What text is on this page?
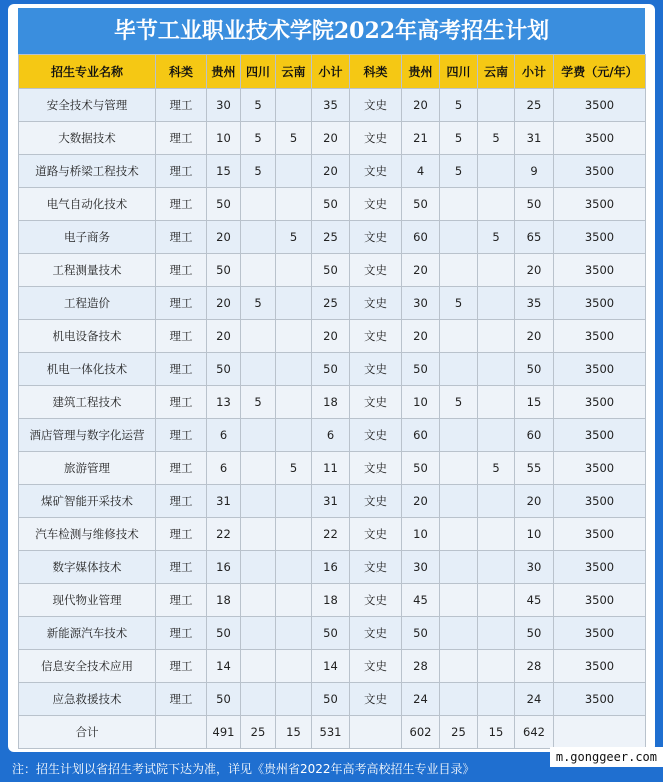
毕节工业职业技术学院2022年高考招生计划
招生专业名称	科类	贵州	四川	云南	小计	科类	贵州	四川	云南	小计	学费（元/年）
安全技术与管理	理工	30	5		35	文史	20	5		25	3500
大数据技术	理工	10	5	5	20	文史	21	5	5	31	3500
道路与桥梁工程技术	理工	15	5		20	文史	4	5		9	3500
电气自动化技术	理工	50			50	文史	50			50	3500
电子商务	理工	20		5	25	文史	60		5	65	3500
工程测量技术	理工	50			50	文史	20			20	3500
工程造价	理工	20	5		25	文史	30	5		35	3500
机电设备技术	理工	20			20	文史	20			20	3500
机电一体化技术	理工	50			50	文史	50			50	3500
建筑工程技术	理工	13	5		18	文史	10	5		15	3500
酒店管理与数字化运营	理工	6			6	文史	60			60	3500
旅游管理	理工	6		5	11	文史	50		5	55	3500
煤矿智能开采技术	理工	31			31	文史	20			20	3500
汽车检测与维修技术	理工	22			22	文史	10			10	3500
数字媒体技术	理工	16			16	文史	30			30	3500
现代物业管理	理工	18			18	文史	45			45	3500
新能源汽车技术	理工	50			50	文史	50			50	3500
信息安全技术应用	理工	14			14	文史	28			28	3500
应急救援技术	理工	50			50	文史	24			24	3500
合计		491	25	15	531		602	25	15	642	
注：招生计划以省招生考试院下达为准，详见《贵州省2022年高考高校招生专业目录》
m.gonggeer.com
